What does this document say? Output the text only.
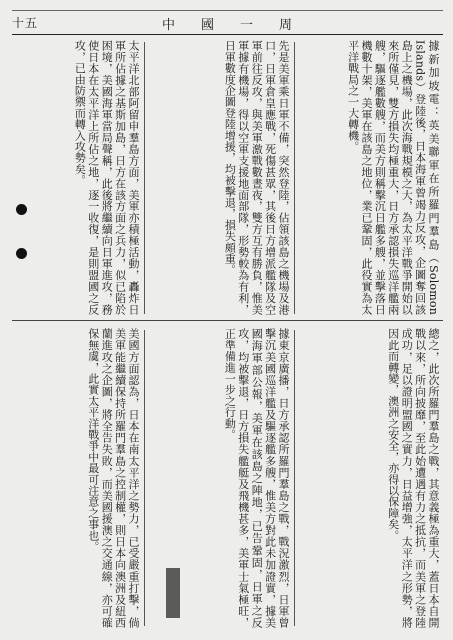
十五	中國一周
據新加坡電：英美聯軍在所羅門羣島（Solomon Islands）登陸後，日本海軍曾竭力反攻，企圖奪回該島上之機場，此次海戰規模之大，為太平洋戰爭開始以來所僅見，雙方損失均極重大，日方承認損失巡洋艦兩艘，驅逐艦數艘，而美方則稱擊沉日艦多艘，並擊落日機數十架，美軍在該島之地位，業已鞏固，此役實為太平洋戰局之一大轉機。
先是美軍乘日軍不備，突然登陸，佔領該島之機場及港口，日軍倉皇應戰，死傷甚眾，其後日方增派艦隊及空軍前往反攻，與美軍激戰數晝夜，雙方互有勝負，惟美軍據有機場，得以空軍支援地面部隊，形勢較為有利，日軍數度企圖登陸增援，均被擊退，損失頗重。
太平洋北部阿留申羣島方面，美軍亦積極活動，轟炸日軍所佔據之基斯加島，日方在該方面之兵力，似已陷於困境，美國海軍當局聲稱，此後將繼續向日軍進攻，務使日本在太平洋上所佔之地，逐一收復，是則盟國之反攻，已由防禦而轉入攻勢矣。
總之，此次所羅門羣島之戰，其意義極為重大，蓋日本自開戰以來，所向披靡，至此始遭遇有力之抵抗，而美軍之登陸成功，足以證明盟國之實力，日益增強，太平洋之形勢，將因此而轉變，澳洲之安全，亦得以保障矣。
據東京廣播，日方承認所羅門羣島之戰，戰況激烈，日軍曾擊沉美國巡洋艦及驅逐艦多艘，惟美方對此未加證實，據美國海軍部公報，美軍在該島之陣地，已告鞏固，日軍之反攻，均被擊退，日方損失艦艇及飛機甚多，美軍士氣極旺，正準備進一步之行動。
美國方面認為，日本在南太平洋之勢力，已受嚴重打擊，倘美軍能繼續保持所羅門羣島之控制權，則日本向澳洲及紐西蘭進攻之企圖，將全告失敗，而美國援澳之交通線，亦可確保無虞，此實太平洋戰爭中最可注意之事也。
